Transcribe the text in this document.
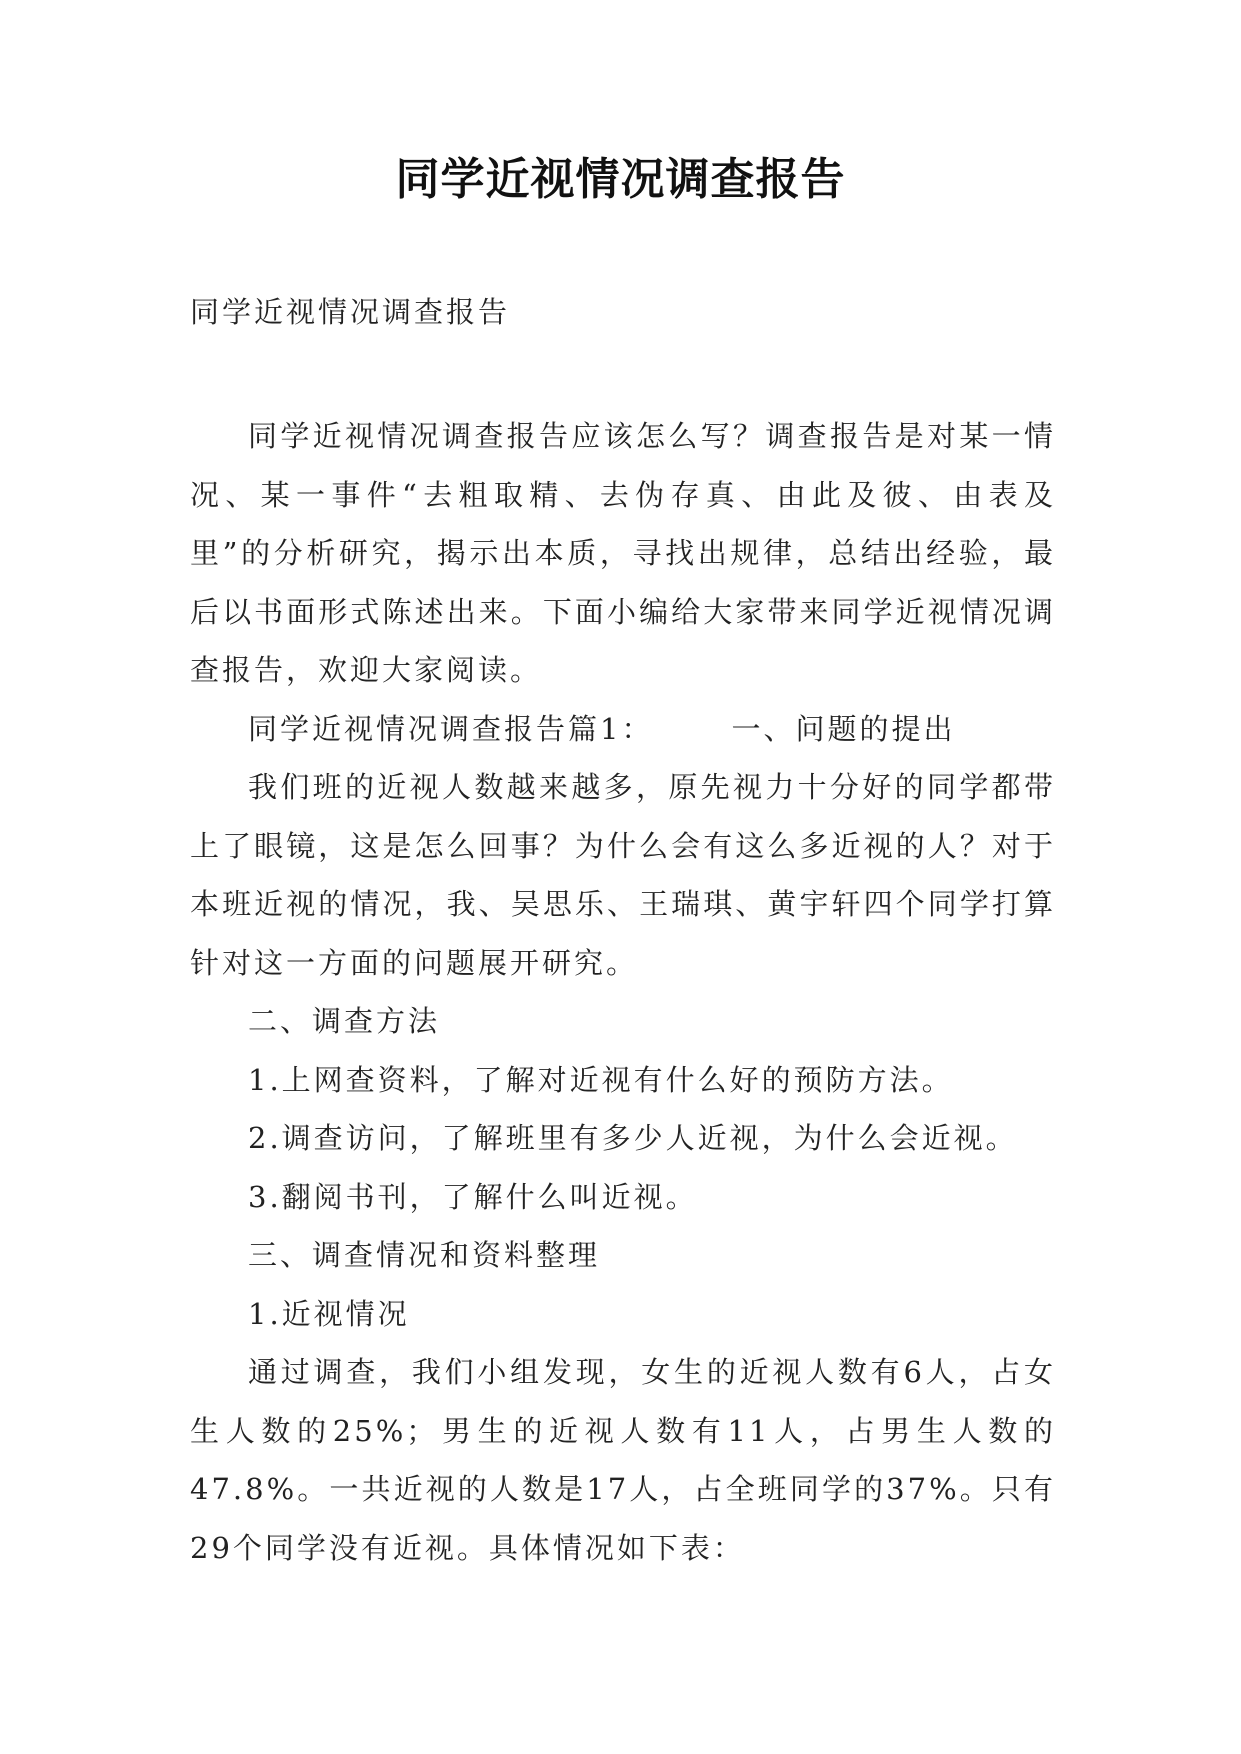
同学近视情况调查报告
同学近视情况调查报告

同学近视情况调查报告应该怎么写？调查报告是对某一情况、某一事件“去粗取精、去伪存真、由此及彼、由表及里”的分析研究，揭示出本质，寻找出规律，总结出经验，最后以书面形式陈述出来。下面小编给大家带来同学近视情况调查报告，欢迎大家阅读。

同学近视情况调查报告篇1：	一、问题的提出

我们班的近视人数越来越多，原先视力十分好的同学都带上了眼镜，这是怎么回事？为什么会有这么多近视的人？对于本班近视的情况，我、吴思乐、王瑞琪、黄宇轩四个同学打算针对这一方面的问题展开研究。

二、调查方法

1.上网查资料，了解对近视有什么好的预防方法。

2.调查访问，了解班里有多少人近视，为什么会近视。

3.翻阅书刊，了解什么叫近视。

三、调查情况和资料整理

1.近视情况

通过调查，我们小组发现，女生的近视人数有6人，占女生人数的25%；男生的近视人数有11人，占男生人数的47.8%。一共近视的人数是17人，占全班同学的37%。只有29个同学没有近视。具体情况如下表：
